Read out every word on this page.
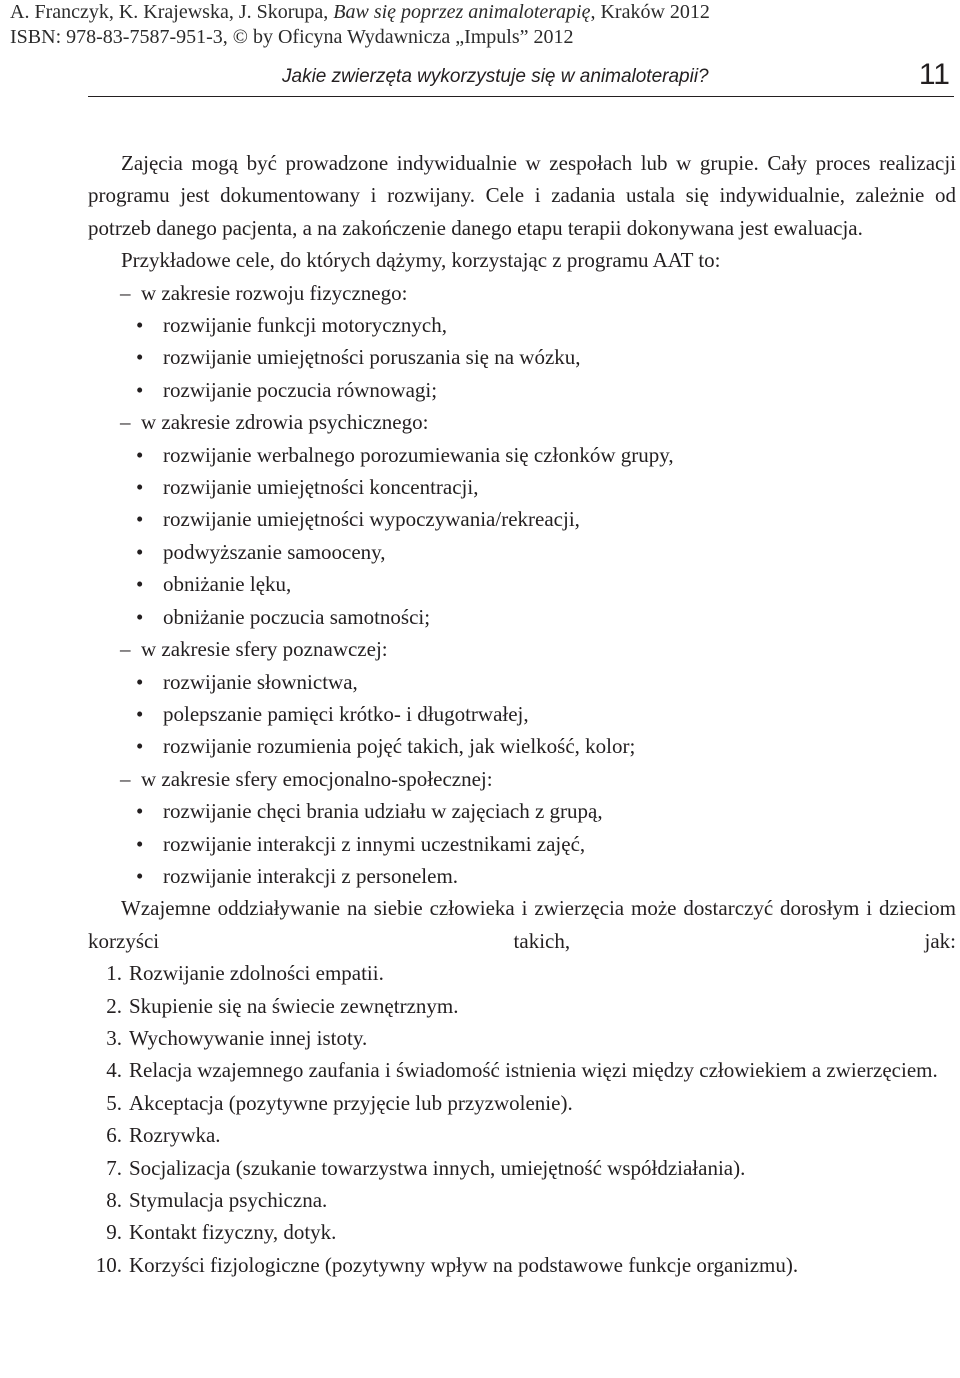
A. Franczyk, K. Krajewska, J. Skorupa, Baw się poprzez animaloterapię, Kraków 2012
ISBN: 978-83-7587-951-3, © by Oficyna Wydawnicza „Impuls” 2012
Jakie zwierzęta wykorzystuje się w animaloterapii?	11
Zajęcia mogą być prowadzone indywidualnie w zespołach lub w grupie. Cały proces realizacji programu jest dokumentowany i rozwijany. Cele i zadania ustala się indywidualnie, zależnie od potrzeb danego pacjenta, a na zakończenie danego etapu terapii dokonywana jest ewaluacja.
Przykładowe cele, do których dążymy, korzystając z programu AAT to:
– w zakresie rozwoju fizycznego:
• rozwijanie funkcji motorycznych,
• rozwijanie umiejętności poruszania się na wózku,
• rozwijanie poczucia równowagi;
– w zakresie zdrowia psychicznego:
• rozwijanie werbalnego porozumiewania się członków grupy,
• rozwijanie umiejętności koncentracji,
• rozwijanie umiejętności wypoczywania/rekreacji,
• podwyższanie samooceny,
• obniżanie lęku,
• obniżanie poczucia samotności;
– w zakresie sfery poznawczej:
• rozwijanie słownictwa,
• polepszanie pamięci krótko- i długotrwałej,
• rozwijanie rozumienia pojęć takich, jak wielkość, kolor;
– w zakresie sfery emocjonalno-społecznej:
• rozwijanie chęci brania udziału w zajęciach z grupą,
• rozwijanie interakcji z innymi uczestnikami zajęć,
• rozwijanie interakcji z personelem.
Wzajemne oddziaływanie na siebie człowieka i zwierzęcia może dostarczyć dorosłym i dzieciom korzyści takich, jak:
1. Rozwijanie zdolności empatii.
2. Skupienie się na świecie zewnętrznym.
3. Wychowywanie innej istoty.
4. Relacja wzajemnego zaufania i świadomość istnienia więzi między człowiekiem a zwierzęciem.
5. Akceptacja (pozytywne przyjęcie lub przyzwolenie).
6. Rozrywka.
7. Socjalizacja (szukanie towarzystwa innych, umiejętność współdziałania).
8. Stymulacja psychiczna.
9. Kontakt fizyczny, dotyk.
10. Korzyści fizjologiczne (pozytywny wpływ na podstawowe funkcje organizmu).
